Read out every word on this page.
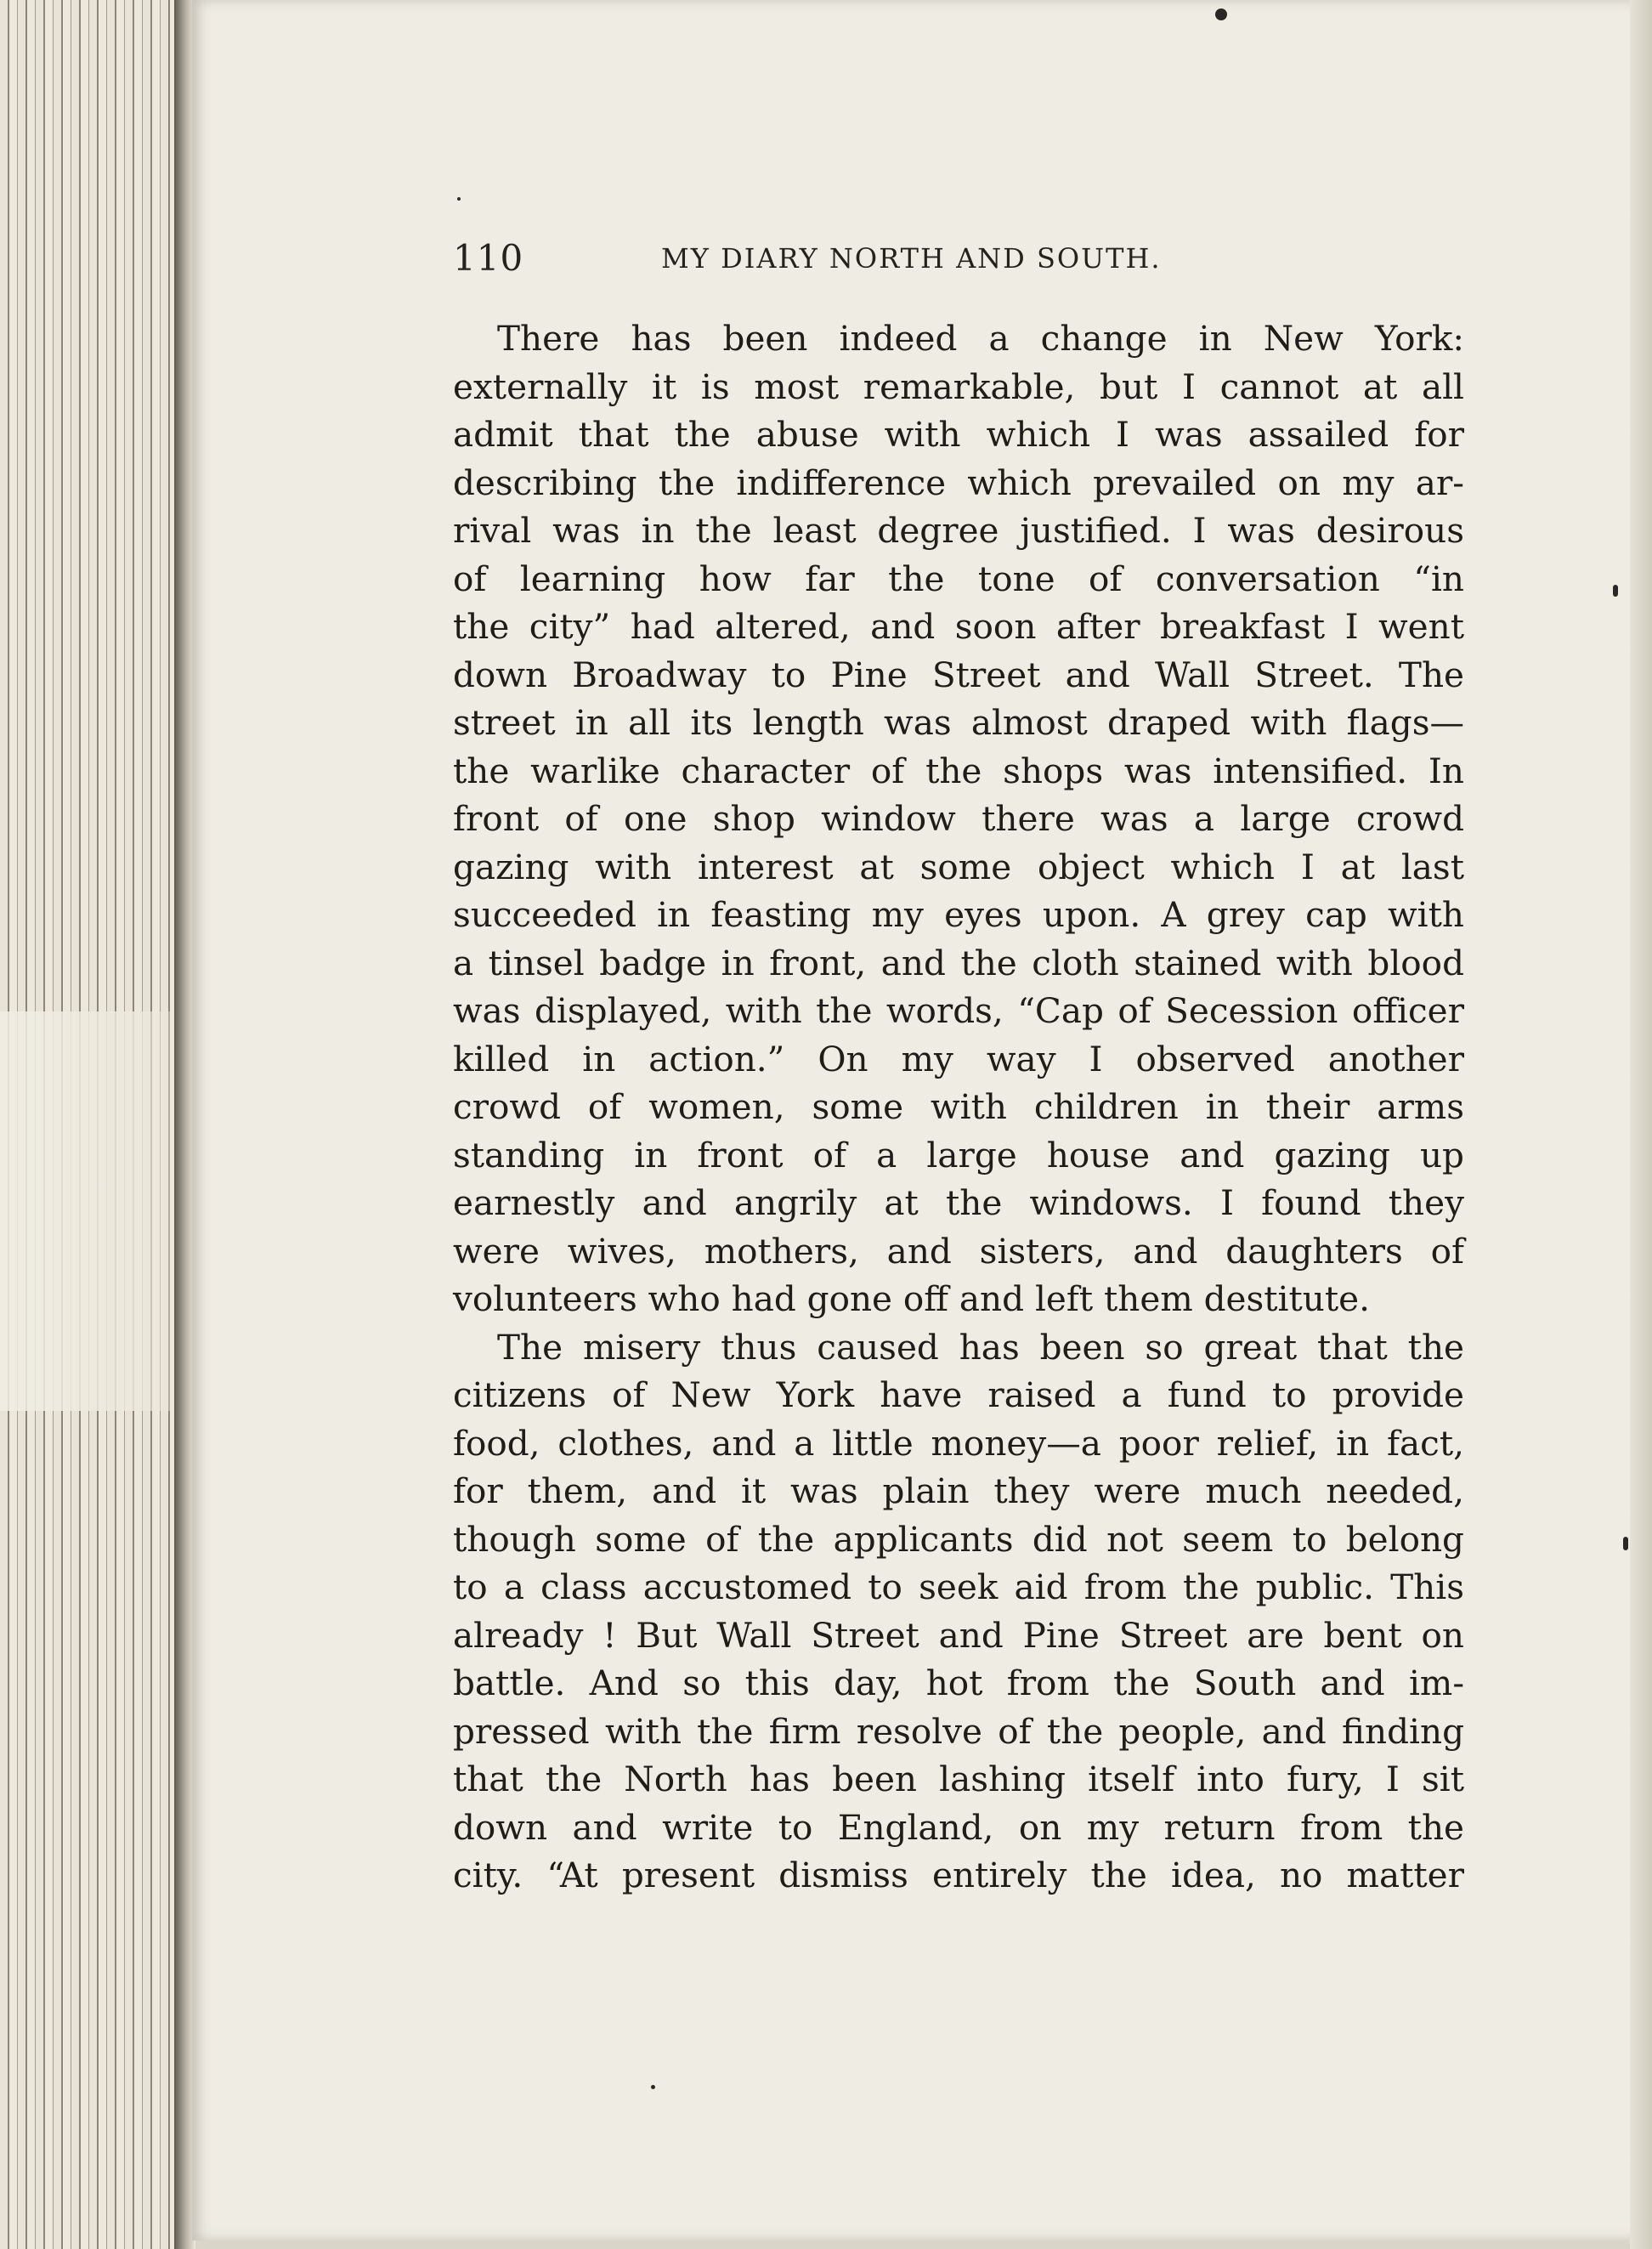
110	MY DIARY NORTH AND SOUTH.
There has been indeed a change in New York:
externally it is most remarkable, but I cannot at all
admit that the abuse with which I was assailed for
describing the indifference which prevailed on my ar-
rival was in the least degree justified. I was desirous
of learning how far the tone of conversation “in
the city” had altered, and soon after breakfast I went
down Broadway to Pine Street and Wall Street. The
street in all its length was almost draped with flags—
the warlike character of the shops was intensified. In
front of one shop window there was a large crowd
gazing with interest at some object which I at last
succeeded in feasting my eyes upon. A grey cap with
a tinsel badge in front, and the cloth stained with blood
was displayed, with the words, “Cap of Secession officer
killed in action.” On my way I observed another
crowd of women, some with children in their arms
standing in front of a large house and gazing up
earnestly and angrily at the windows. I found they
were wives, mothers, and sisters, and daughters of
volunteers who had gone off and left them destitute.
The misery thus caused has been so great that the
citizens of New York have raised a fund to provide
food, clothes, and a little money—a poor relief, in fact,
for them, and it was plain they were much needed,
though some of the applicants did not seem to belong
to a class accustomed to seek aid from the public. This
already ! But Wall Street and Pine Street are bent on
battle. And so this day, hot from the South and im-
pressed with the firm resolve of the people, and finding
that the North has been lashing itself into fury, I sit
down and write to England, on my return from the
city. “At present dismiss entirely the idea, no matter
